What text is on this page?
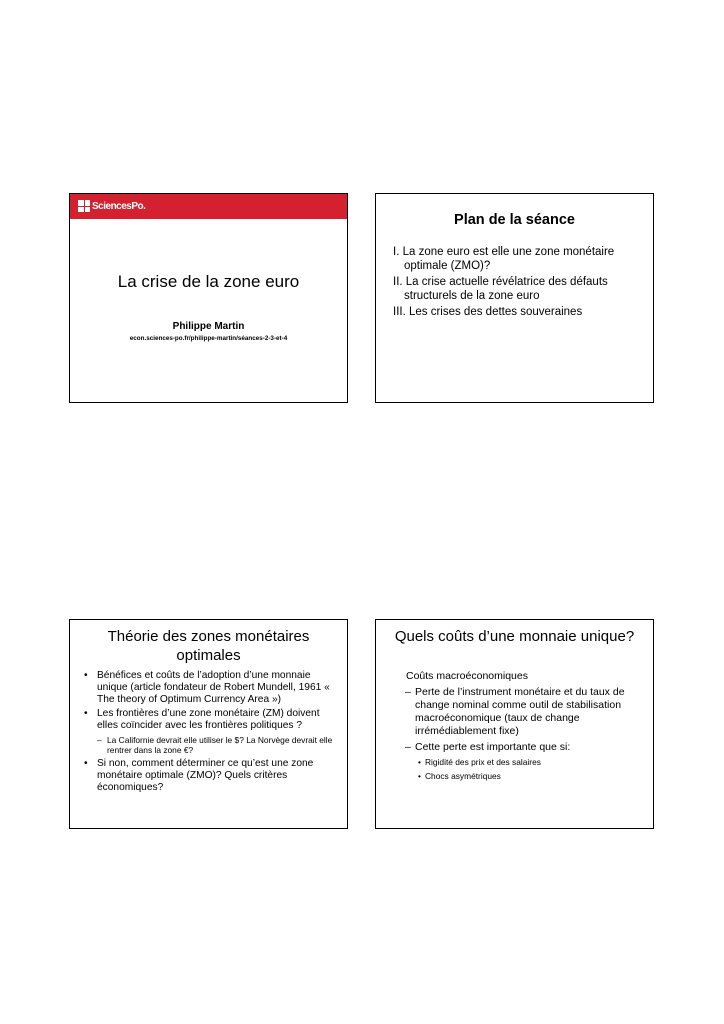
SciencesPo.
La crise de la zone euro
Philippe Martin
econ.sciences-po.fr/philippe-martin/séances-2-3-et-4
Plan de la séance
I. La zone euro est elle une zone monétaire optimale (ZMO)?
II. La crise actuelle révélatrice des défauts structurels de la zone euro
III. Les crises des dettes souveraines
Théorie des zones monétaires optimales
• Bénéfices et coûts de l’adoption d’une monnaie unique (article fondateur de Robert Mundell, 1961 « The theory of Optimum Currency Area »)
• Les frontières d’une zone monétaire (ZM) doivent elles coïncider avec les frontières politiques ?
– La Californie devrait elle utiliser le $? La Norvège devrait elle rentrer dans la zone €?
• Si non, comment déterminer ce qu’est une zone monétaire optimale (ZMO)? Quels critères économiques?
Quels coûts d’une monnaie unique?
Coûts macroéconomiques
– Perte de l’instrument monétaire et du taux de change nominal comme outil de stabilisation macroéconomique (taux de change irrémédiablement fixe)
– Cette perte est importante que si:
• Rigidité des prix et des salaires
• Chocs asymétriques
